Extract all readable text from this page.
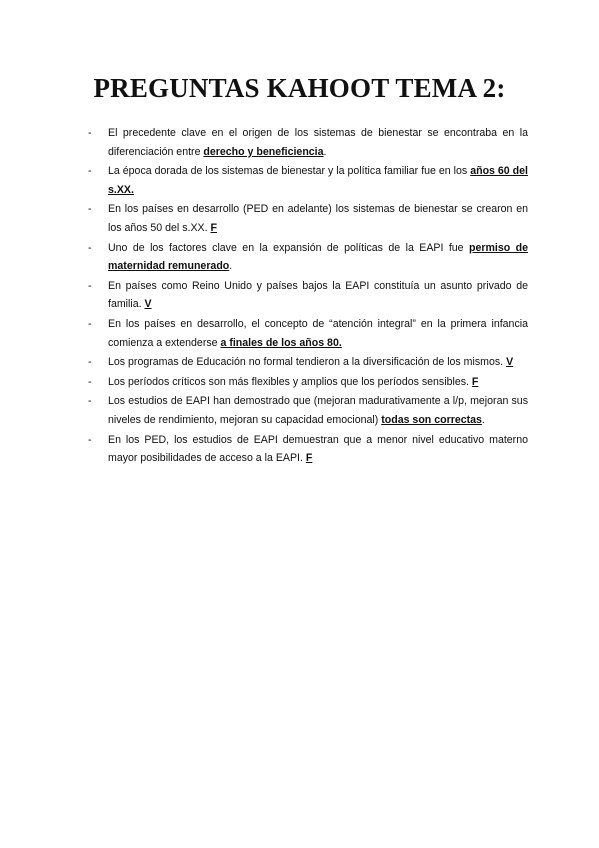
PREGUNTAS KAHOOT TEMA 2:
- El precedente clave en el origen de los sistemas de bienestar se encontraba en la diferenciación entre derecho y beneficiencia.
- La época dorada de los sistemas de bienestar y la política familiar fue en los años 60 del s.XX.
- En los países en desarrollo (PED en adelante) los sistemas de bienestar se crearon en los años 50 del s.XX. F
- Uno de los factores clave en la expansión de políticas de la EAPI fue permiso de maternidad remunerado.
- En países como Reino Unido y países bajos la EAPI constituía un asunto privado de familia. V
- En los países en desarrollo, el concepto de “atención integral” en la primera infancia comienza a extenderse a finales de los años 80.
- Los programas de Educación no formal tendieron a la diversificación de los mismos. V
- Los períodos críticos son más flexibles y amplios que los períodos sensibles. F
- Los estudios de EAPI han demostrado que (mejoran madurativamente a l/p, mejoran sus niveles de rendimiento, mejoran su capacidad emocional) todas son correctas.
- En los PED, los estudios de EAPI demuestran que a menor nivel educativo materno mayor posibilidades de acceso a la EAPI. F
